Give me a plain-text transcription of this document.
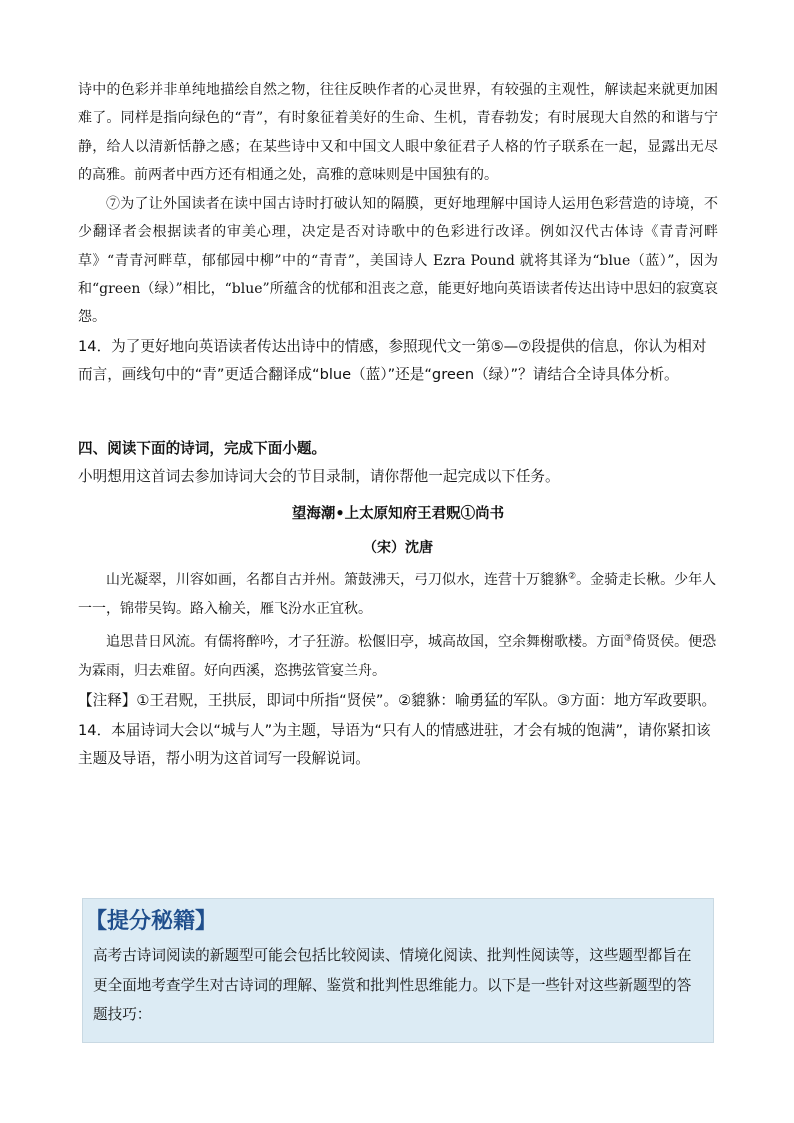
诗中的色彩并非单纯地描绘自然之物，往往反映作者的心灵世界，有较强的主观性，解读起来就更加困难了。同样是指向绿色的“青”，有时象征着美好的生命、生机，青春勃发；有时展现大自然的和谐与宁静，给人以清新恬静之感；在某些诗中又和中国文人眼中象征君子人格的竹子联系在一起，显露出无尽的高雅。前两者中西方还有相通之处，高雅的意味则是中国独有的。

⑦为了让外国读者在读中国古诗时打破认知的隔膜，更好地理解中国诗人运用色彩营造的诗境，不少翻译者会根据读者的审美心理，决定是否对诗歌中的色彩进行改译。例如汉代古体诗《青青河畔草》“青青河畔草，郁郁园中柳”中的“青青”，美国诗人 Ezra Pound 就将其译为“blue（蓝）”，因为和“green（绿）”相比，“blue”所蕴含的忧郁和沮丧之意，能更好地向英语读者传达出诗中思妇的寂寞哀怨。

14．为了更好地向英语读者传达出诗中的情感，参照现代文一第⑤—⑦段提供的信息，你认为相对而言，画线句中的“青”更适合翻译成“blue（蓝）”还是“green（绿）”？请结合全诗具体分析。

四、阅读下面的诗词，完成下面小题。

小明想用这首词去参加诗词大会的节目录制，请你帮他一起完成以下任务。

望海潮•上太原知府王君贶①尚书

（宋）沈唐

山光凝翠，川容如画，名都自古并州。箫鼓沸天，弓刀似水，连营十万貔貅②。金骑走长楸。少年人一一，锦带吴钩。路入榆关，雁飞汾水正宜秋。

追思昔日风流。有儒将醉吟，才子狂游。松偃旧亭，城高故国，空余舞榭歌楼。方面③倚贤侯。便恐为霖雨，归去难留。好向西溪，恣携弦管宴兰舟。

【注释】①王君贶，王拱辰，即词中所指“贤侯”。②貔貅：喻勇猛的军队。③方面：地方军政要职。

14．本届诗词大会以“城与人”为主题，导语为“只有人的情感进驻，才会有城的饱满”，请你紧扣该主题及导语，帮小明为这首词写一段解说词。

【提分秘籍】
高考古诗词阅读的新题型可能会包括比较阅读、情境化阅读、批判性阅读等，这些题型都旨在更全面地考查学生对古诗词的理解、鉴赏和批判性思维能力。以下是一些针对这些新题型的答题技巧：
